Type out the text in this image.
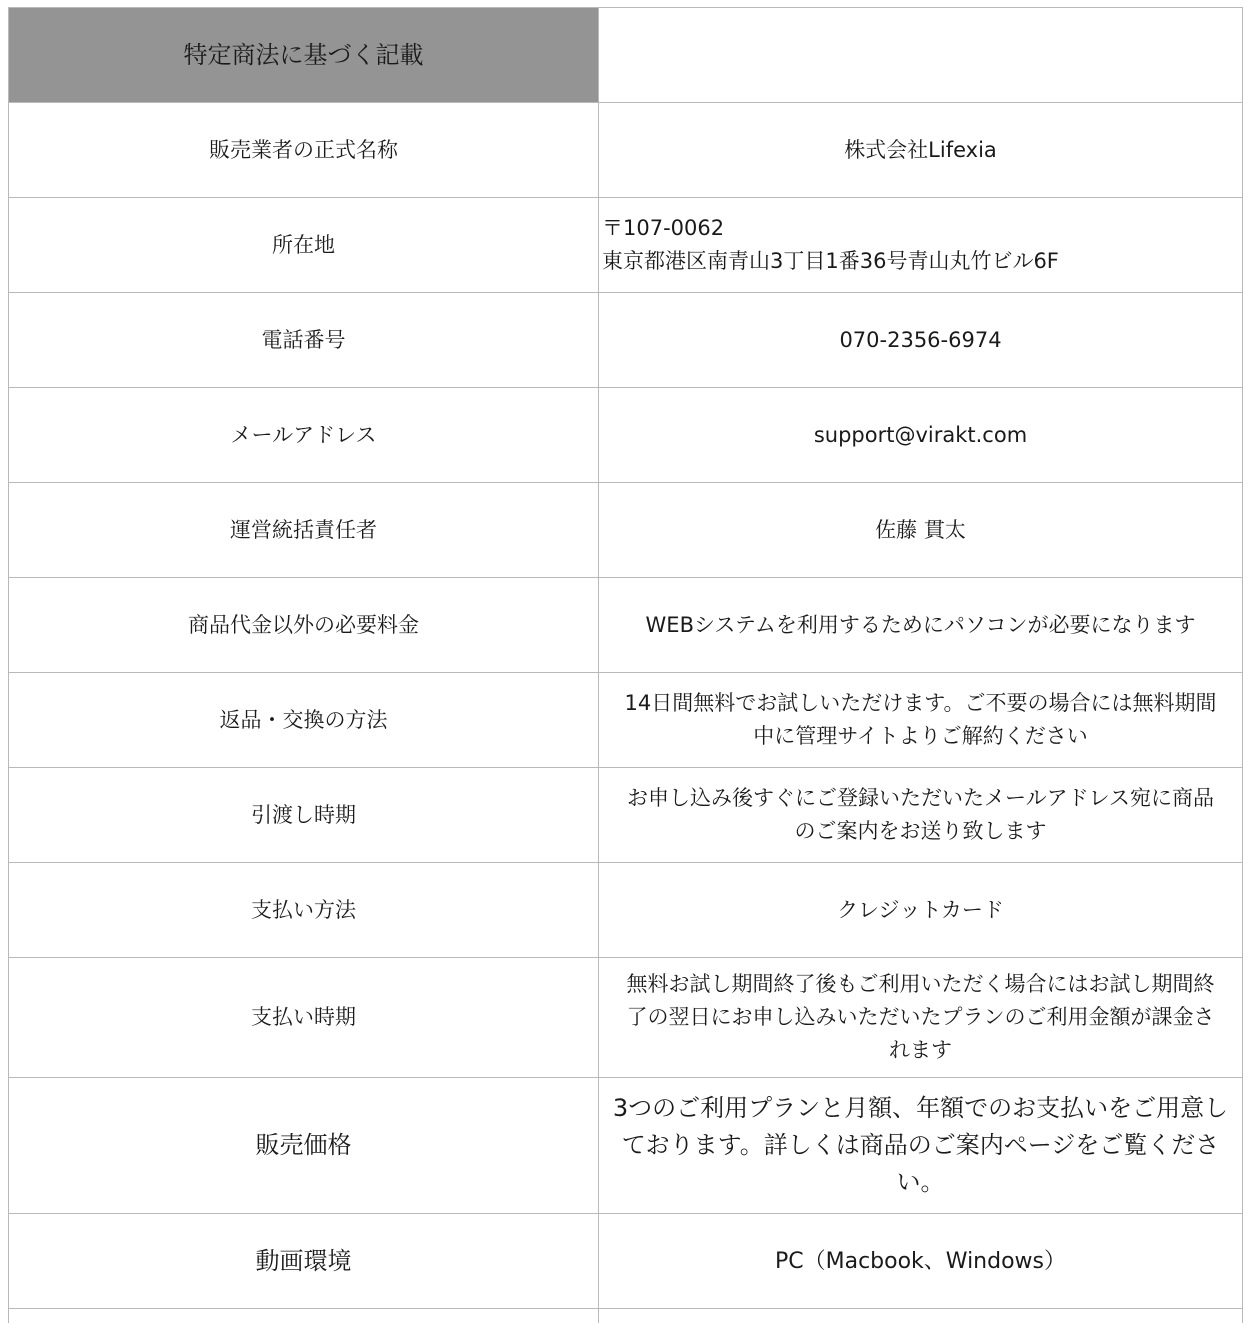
特定商法に基づく記載	
販売業者の正式名称	株式会社Lifexia
所在地	〒107-0062
東京都港区南青山3丁目1番36号青山丸竹ビル6F

電話番号	070-2356-6974
メールアドレス	support@virakt.com
運営統括責任者	佐藤 貫太
商品代金以外の必要料金	WEBシステムを利用するためにパソコンが必要になります
返品・交換の方法	14日間無料でお試しいただけます。ご不要の場合には無料期間
中に管理サイトよりご解約ください

引渡し時期	お申し込み後すぐにご登録いただいたメールアドレス宛に商品
のご案内をお送り致します

支払い方法	クレジットカード
支払い時期	無料お試し期間終了後もご利用いただく場合にはお試し期間終
了の翌日にお申し込みいただいたプランのご利用金額が課金さ
れます

販売価格	3つのご利用プランと月額、年額でのお支払いをご用意し
ております。詳しくは商品のご案内ページをご覧くださ
い。

動画環境	PC（Macbook、Windows）
